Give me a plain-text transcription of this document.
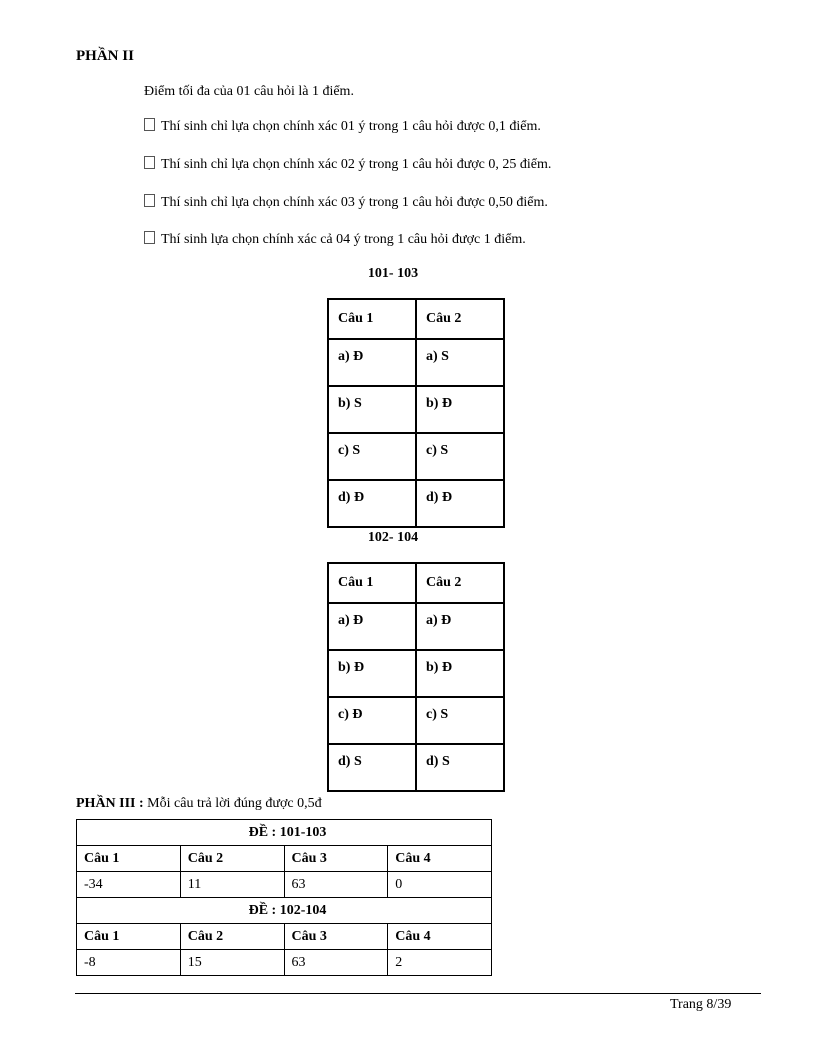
PHẦN II
Điểm tối đa của 01 câu hỏi là 1 điểm.
Thí sinh chỉ lựa chọn chính xác 01 ý trong 1 câu hỏi được 0,1 điểm.
Thí sinh chỉ lựa chọn chính xác 02 ý trong 1 câu hỏi được 0, 25 điểm.
Thí sinh chỉ lựa chọn chính xác 03 ý trong 1 câu hỏi được 0,50 điểm.
Thí sinh lựa chọn chính xác cả 04 ý trong 1 câu hỏi được 1 điểm.
101- 103
Câu 1	Câu 2
a) Đ	a) S
b) S	b) Đ
c) S	c) S
d) Đ	d) Đ
102- 104
Câu 1	Câu 2
a) Đ	a) Đ
b) Đ	b) Đ
c) Đ	c) S
d) S	d) S
PHẦN III : Mỗi câu trả lời đúng được 0,5đ
ĐỀ : 101-103			
Câu 1	Câu 2	Câu 3	Câu 4
-34	11	63	0
ĐỀ : 102-104			
Câu 1	Câu 2	Câu 3	Câu 4
-8	15	63	2
Trang 8/39
